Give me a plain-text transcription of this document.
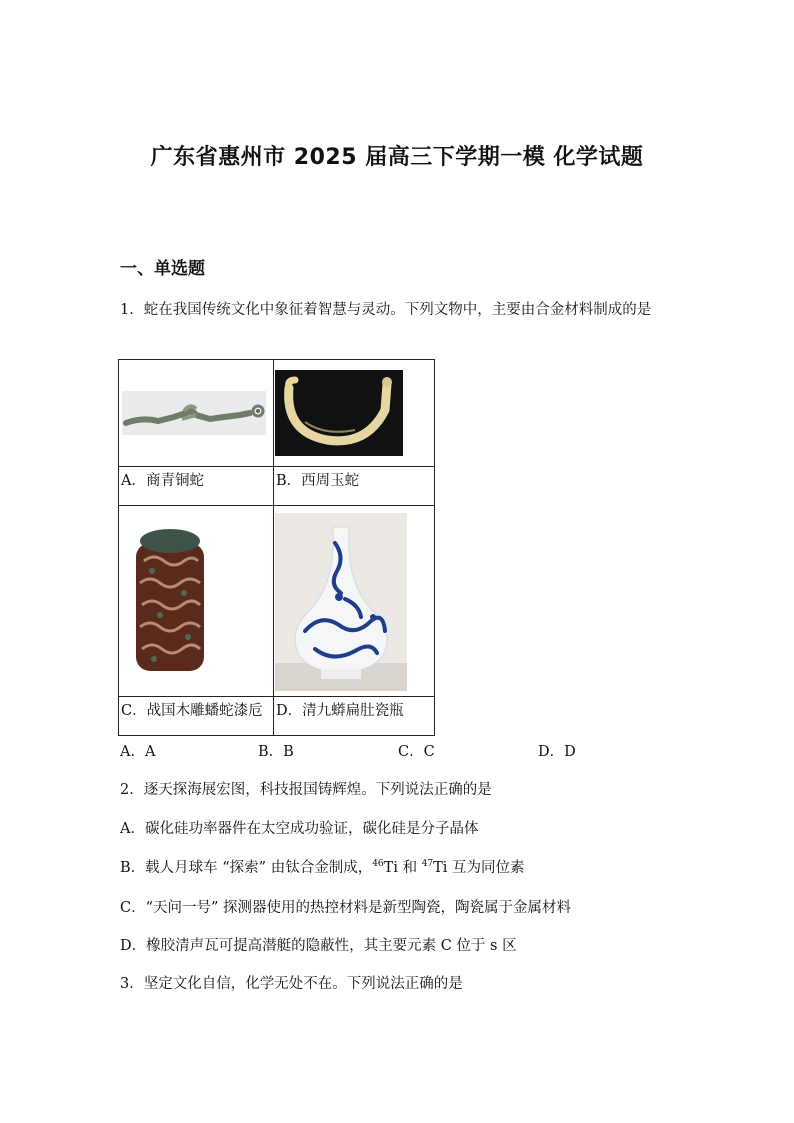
广东省惠州市 2025 届高三下学期一模 化学试题
一、单选题
1．蛇在我国传统文化中象征着智慧与灵动。下列文物中，主要由合金材料制成的是

A．商青铜蛇	B．西周玉蛇

C．战国木雕蟠蛇漆卮	D．清九蟒扁肚瓷瓶
A．A	B．B	C．C	D．D
2．逐天探海展宏图，科技报国铸辉煌。下列说法正确的是
A．碳化硅功率器件在太空成功验证，碳化硅是分子晶体
B．载人月球车 “探索” 由钛合金制成，$^{46}$Ti 和 $^{47}$Ti 互为同位素
C．“天问一号” 探测器使用的热控材料是新型陶瓷，陶瓷属于金属材料
D．橡胶清声瓦可提高潜艇的隐蔽性，其主要元素 C 位于 s 区
3．坚定文化自信，化学无处不在。下列说法正确的是
